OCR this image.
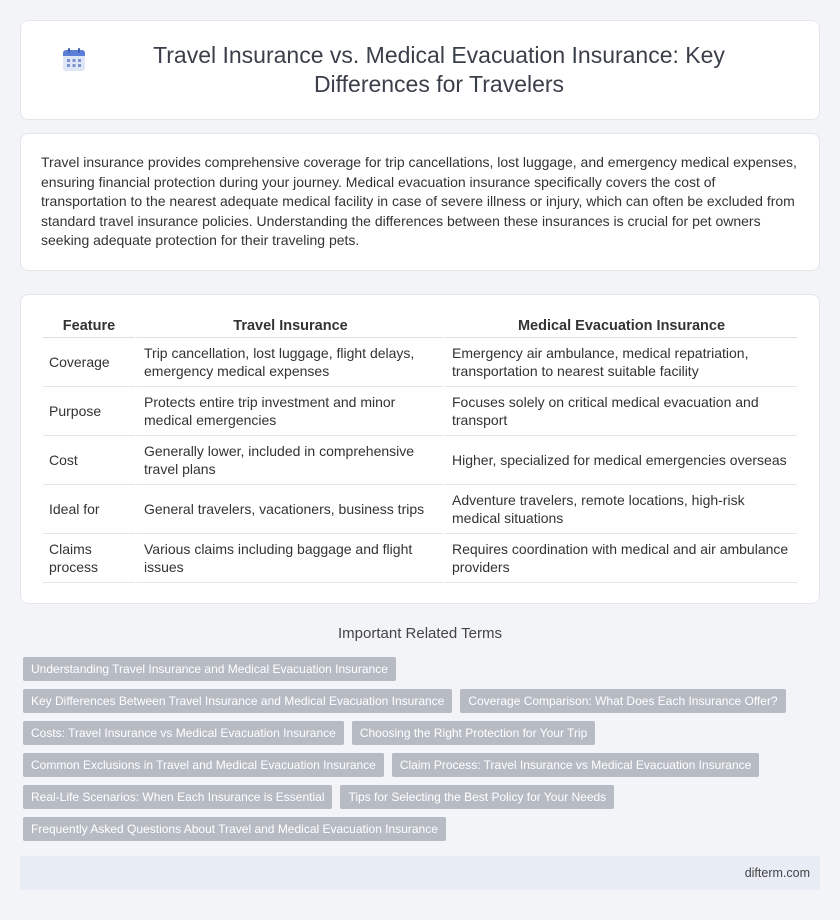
Travel Insurance vs. Medical Evacuation Insurance: Key Differences for Travelers

Travel insurance provides comprehensive coverage for trip cancellations, lost luggage, and emergency medical expenses, ensuring financial protection during your journey. Medical evacuation insurance specifically covers the cost of transportation to the nearest adequate medical facility in case of severe illness or injury, which can often be excluded from standard travel insurance policies. Understanding the differences between these insurances is crucial for pet owners seeking adequate protection for their traveling pets.

Feature	Travel Insurance	Medical Evacuation Insurance
Coverage	Trip cancellation, lost luggage, flight delays, emergency medical expenses	Emergency air ambulance, medical repatriation, transportation to nearest suitable facility
Purpose	Protects entire trip investment and minor medical emergencies	Focuses solely on critical medical evacuation and transport
Cost	Generally lower, included in comprehensive travel plans	Higher, specialized for medical emergencies overseas
Ideal for	General travelers, vacationers, business trips	Adventure travelers, remote locations, high-risk medical situations
Claims process	Various claims including baggage and flight issues	Requires coordination with medical and air ambulance providers
Important Related Terms
Understanding Travel Insurance and Medical Evacuation Insurance
Key Differences Between Travel Insurance and Medical Evacuation Insurance	Coverage Comparison: What Does Each Insurance Offer?
Costs: Travel Insurance vs Medical Evacuation Insurance	Choosing the Right Protection for Your Trip
Common Exclusions in Travel and Medical Evacuation Insurance	Claim Process: Travel Insurance vs Medical Evacuation Insurance
Real-Life Scenarios: When Each Insurance is Essential	Tips for Selecting the Best Policy for Your Needs
Frequently Asked Questions About Travel and Medical Evacuation Insurance
difterm.com
